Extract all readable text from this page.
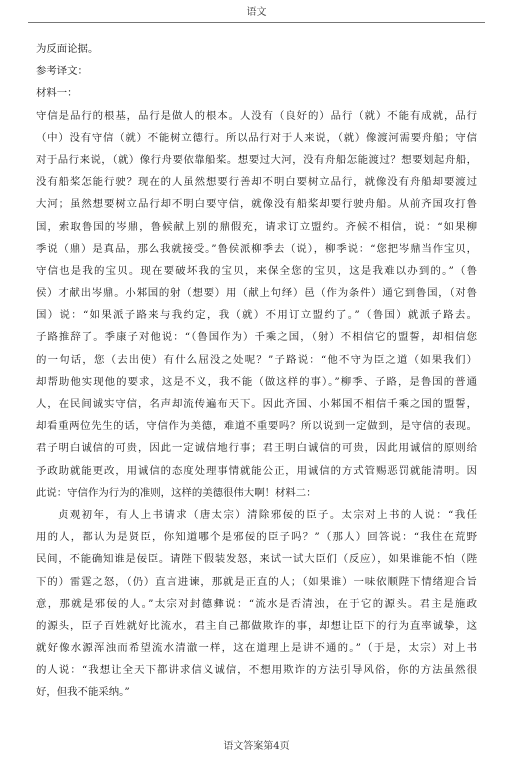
语文
为反面论据。
参考译文：
材料一：
守信是品行的根基，品行是做人的根本。人没有（良好的）品行（就）不能有成就，品行
（中）没有守信（就）不能树立德行。所以品行对于人来说，（就）像渡河需要舟船；守信
对于品行来说，（就）像行舟要依靠船桨。想要过大河，没有舟船怎能渡过？想要划起舟船，
没有船桨怎能行驶？现在的人虽然想要行善却不明白要树立品行，就像没有舟船却要渡过
大河；虽然想要树立品行却不明白要守信，就像没有船桨却要行驶舟船。从前齐国攻打鲁
国，索取鲁国的岑鼎，鲁候献上别的鼎假充，请求订立盟约。齐候不相信，说：“如果柳
季说（鼎）是真品，那么我就接受。”鲁侯派柳季去（说），柳季说：“您把岑鼎当作宝贝，
守信也是我的宝贝。现在要破坏我的宝贝，来保全您的宝贝，这是我难以办到的。”（鲁
侯）才献出岑鼎。小邾国的射（想要）用（献上句绎）邑（作为条件）通它到鲁国，（对鲁
国）说：“如果派子路来与我约定，我（就）不用订立盟约了。”（鲁国）就派子路去。
子路推辞了。季康子对他说：“（鲁国作为）千乘之国，（射）不相信它的盟誓，却相信您
的一句话，您（去出使）有什么屈没之处呢？”子路说：“他不守为臣之道（如果我们）
却帮助他实现他的要求，这是不义，我不能（做这样的事）。”柳季、子路，是鲁国的普通
人，在民间诚实守信，名声却流传遍布天下。因此齐国、小邾国不相信千乘之国的盟誓，
却看重两位先生的话，守信作为美德，难道不重要吗？所以说到一定做到，是守信的表现。
君子明白诚信的可贵，因此一定诚信地行事；君王明白诚信的可贵，因此用诚信的原则给
予政助就能更改，用诚信的态度处理事情就能公正，用诚信的方式管赐恶罚就能清明。因
此说：守信作为行为的准则，这样的美德很伟大啊！材料二：
贞观初年，有人上书请求（唐太宗）清除邪佞的臣子。太宗对上书的人说：“我任
用的人，都认为是贤臣，你知道哪个是邪佞的臣子吗？”（那人）回答说：“我住在荒野
民间，不能确知谁是佞臣。请陛下假装发怒，来试一试大臣们（反应），如果谁能不怕（陛
下的）雷霆之怒，（仍）直言进谏，那就是正直的人；（如果谁）一味依顺陛下情绪迎合旨
意，那就是邪佞的人。”太宗对封德彝说：“流水是否清浊，在于它的源头。君主是施政
的源头，臣子百姓就好比流水，君主自己都做欺诈的事，却想让臣下的行为直率诚挚，这
就好像水源浑浊而希望流水清澈一样，这在道理上是讲不通的。”（于是，太宗）对上书
的人说：“我想让全天下都讲求信义诚信，不想用欺诈的方法引导风俗，你的方法虽然很
好，但我不能采纳。”
语文答案第4页
